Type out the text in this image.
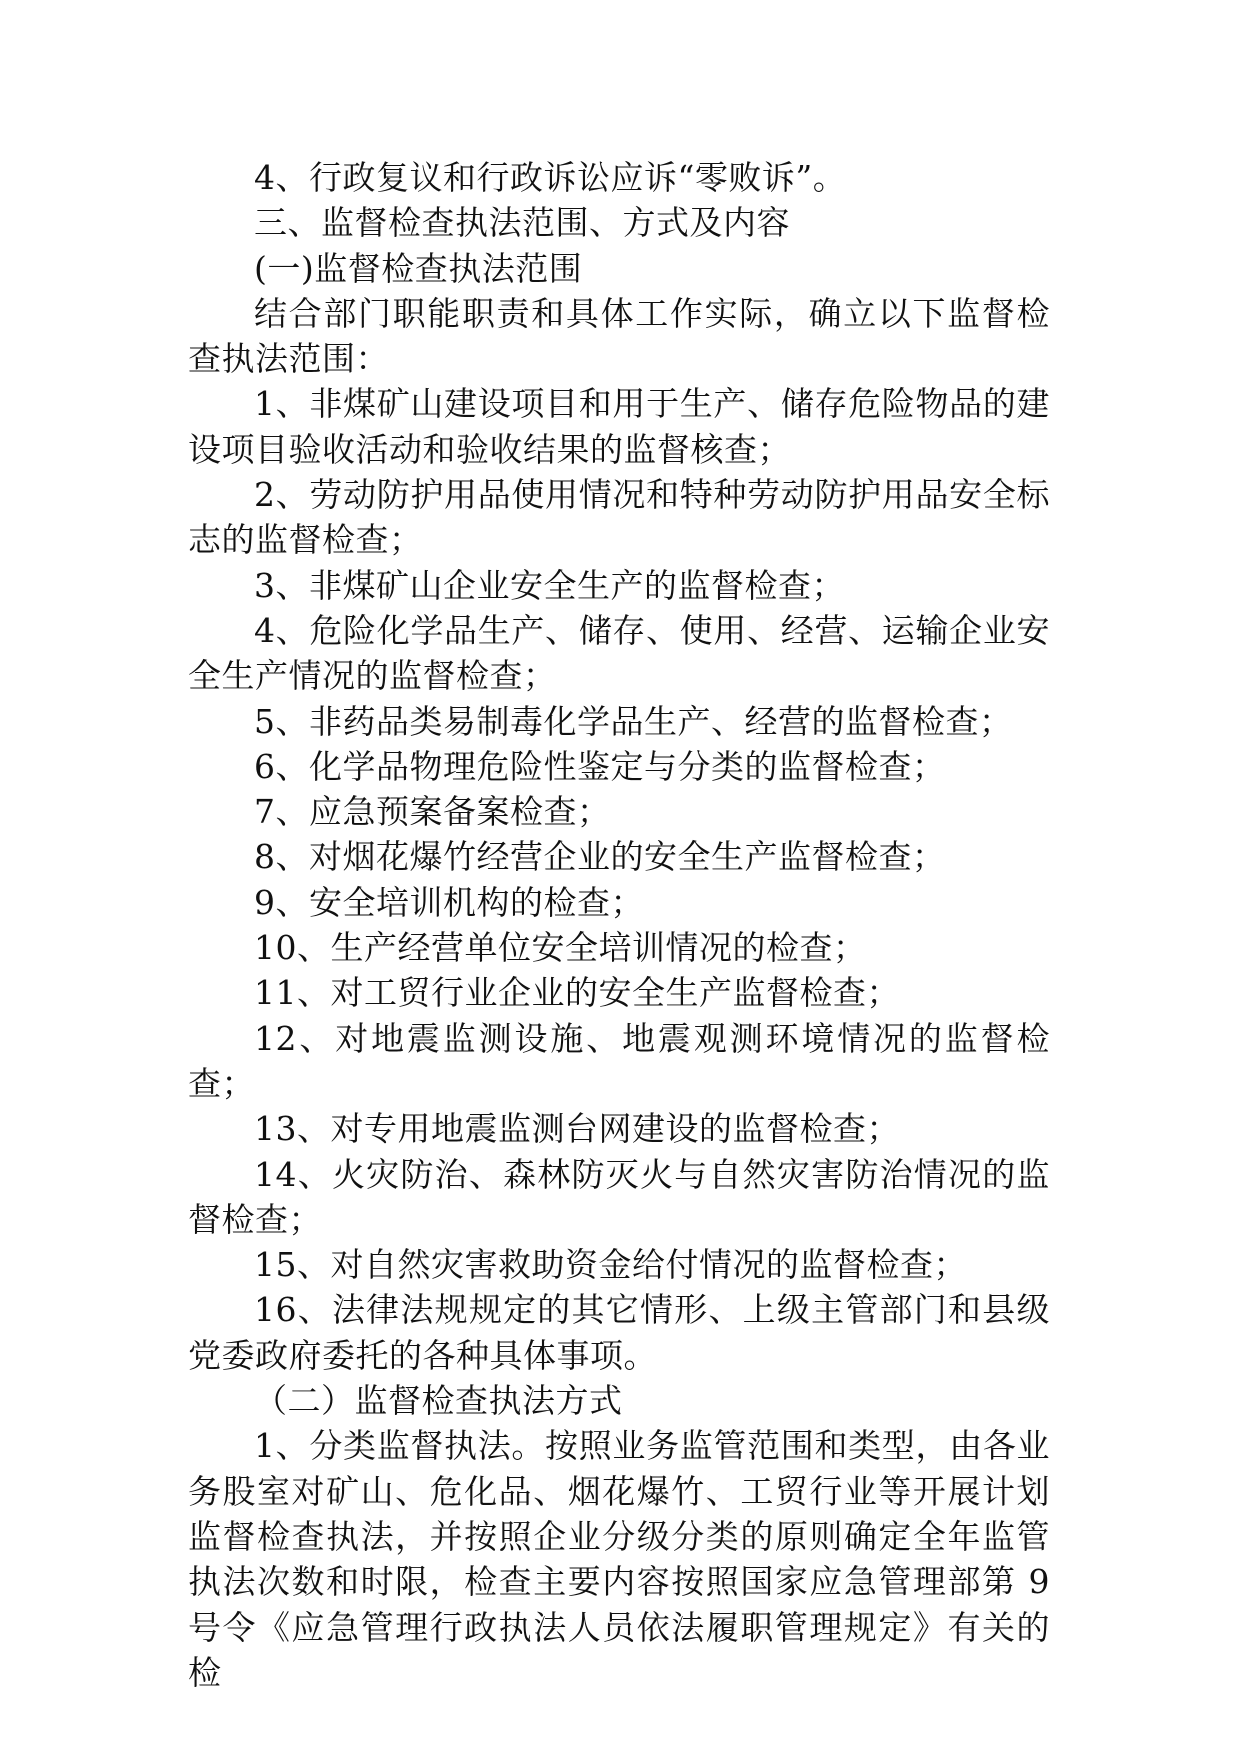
4、行政复议和行政诉讼应诉“零败诉”。

三、监督检查执法范围、方式及内容

(一)监督检查执法范围

结合部门职能职责和具体工作实际，确立以下监督检查执法范围：

1、非煤矿山建设项目和用于生产、储存危险物品的建设项目验收活动和验收结果的监督核查；

2、劳动防护用品使用情况和特种劳动防护用品安全标志的监督检查；

3、非煤矿山企业安全生产的监督检查；

4、危险化学品生产、储存、使用、经营、运输企业安全生产情况的监督检查；

5、非药品类易制毒化学品生产、经营的监督检查；

6、化学品物理危险性鉴定与分类的监督检查；

7、应急预案备案检查；

8、对烟花爆竹经营企业的安全生产监督检查；

9、安全培训机构的检查；

10、生产经营单位安全培训情况的检查；

11、对工贸行业企业的安全生产监督检查；

12、对地震监测设施、地震观测环境情况的监督检查；

13、对专用地震监测台网建设的监督检查；

14、火灾防治、森林防灭火与自然灾害防治情况的监督检查；

15、对自然灾害救助资金给付情况的监督检查；

16、法律法规规定的其它情形、上级主管部门和县级党委政府委托的各种具体事项。

（二）监督检查执法方式

1、分类监督执法。按照业务监管范围和类型，由各业务股室对矿山、危化品、烟花爆竹、工贸行业等开展计划监督检查执法，并按照企业分级分类的原则确定全年监管执法次数和时限，检查主要内容按照国家应急管理部第 9 号令《应急管理行政执法人员依法履职管理规定》有关的检
